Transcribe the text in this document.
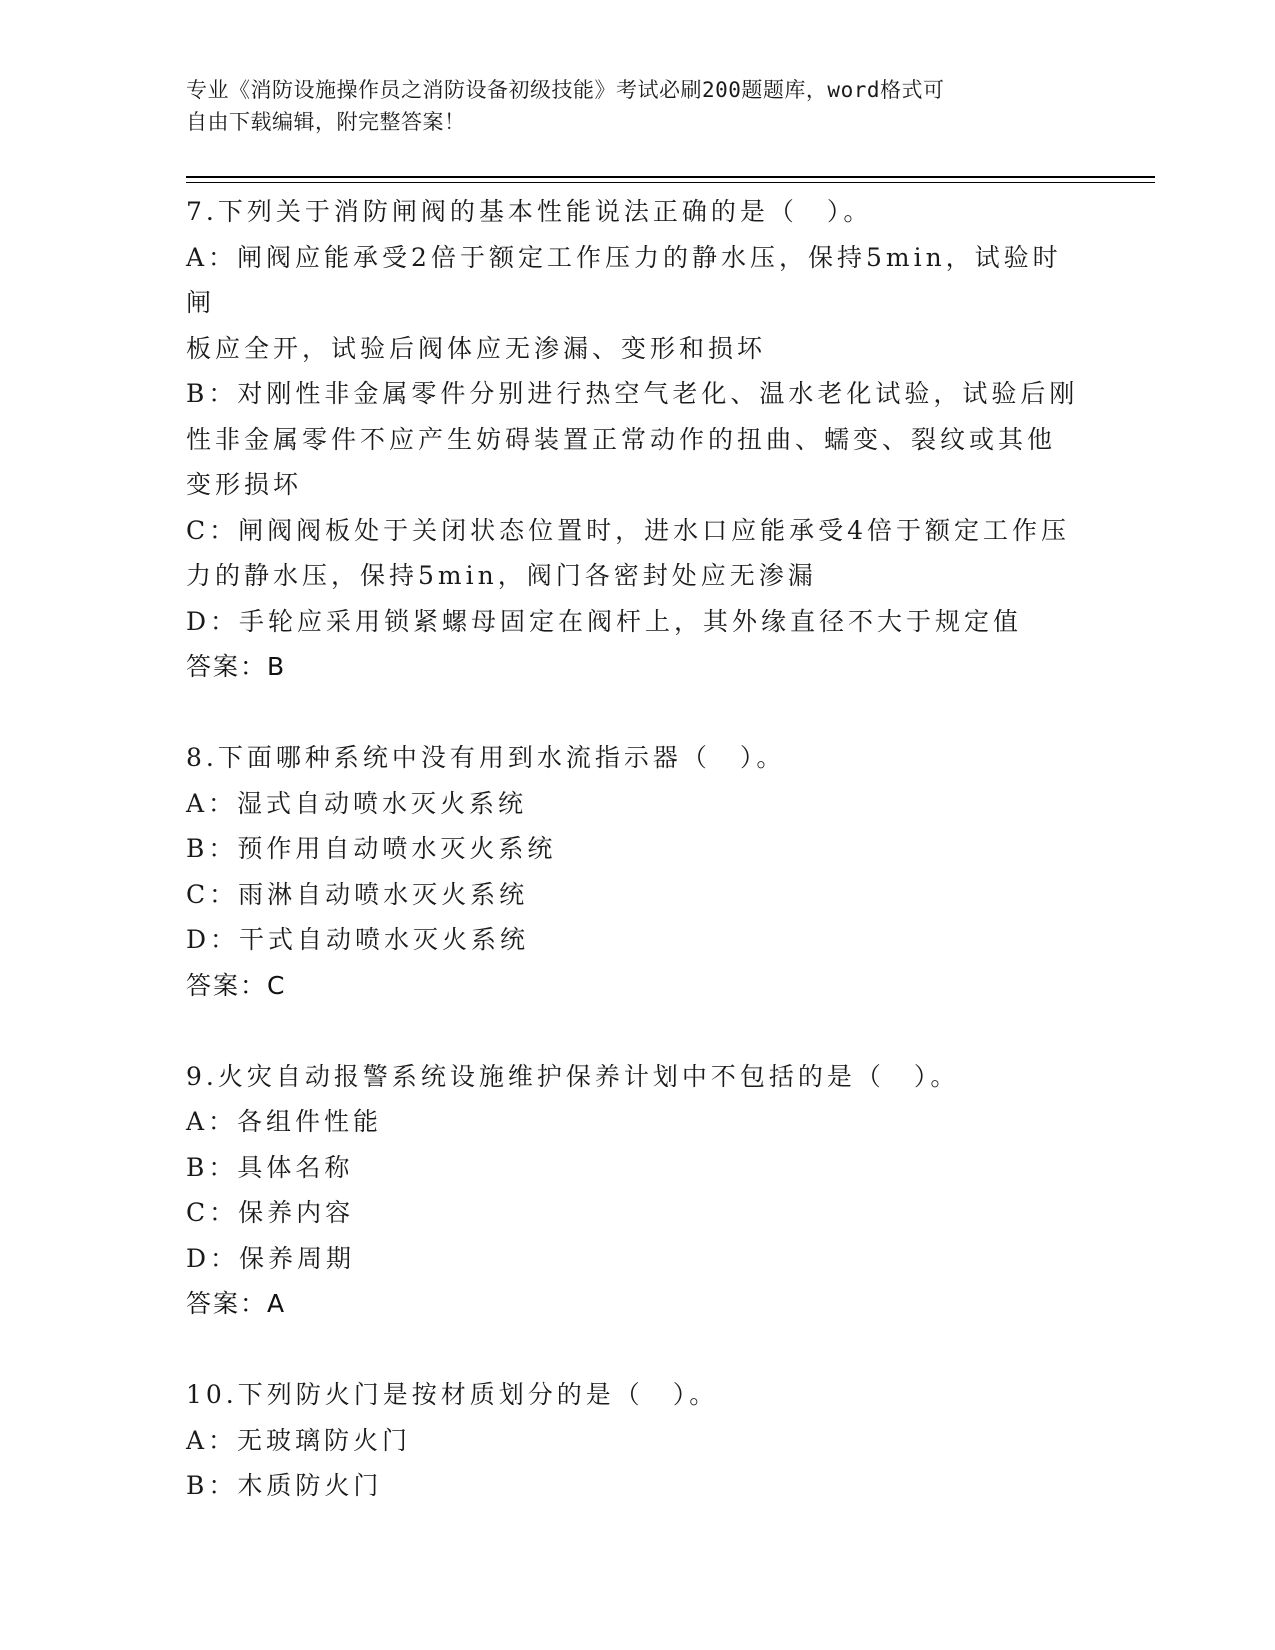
专业《消防设施操作员之消防设备初级技能》考试必刷200题题库，word格式可
自由下载编辑，附完整答案！

7.下列关于消防闸阀的基本性能说法正确的是（　）。

A：闸阀应能承受2倍于额定工作压力的静水压，保持5min，试验时闸

板应全开，试验后阀体应无渗漏、变形和损坏

B：对刚性非金属零件分别进行热空气老化、温水老化试验，试验后刚

性非金属零件不应产生妨碍装置正常动作的扭曲、蠕变、裂纹或其他

变形损坏

C：闸阀阀板处于关闭状态位置时，进水口应能承受4倍于额定工作压

力的静水压，保持5min，阀门各密封处应无渗漏

D：手轮应采用锁紧螺母固定在阀杆上，其外缘直径不大于规定值

答案：B

8.下面哪种系统中没有用到水流指示器（　）。

A：湿式自动喷水灭火系统

B：预作用自动喷水灭火系统

C：雨淋自动喷水灭火系统

D：干式自动喷水灭火系统

答案：C

9.火灾自动报警系统设施维护保养计划中不包括的是（　）。

A：各组件性能

B：具体名称

C：保养内容

D：保养周期

答案：A

10.下列防火门是按材质划分的是（　）。

A：无玻璃防火门

B：木质防火门
